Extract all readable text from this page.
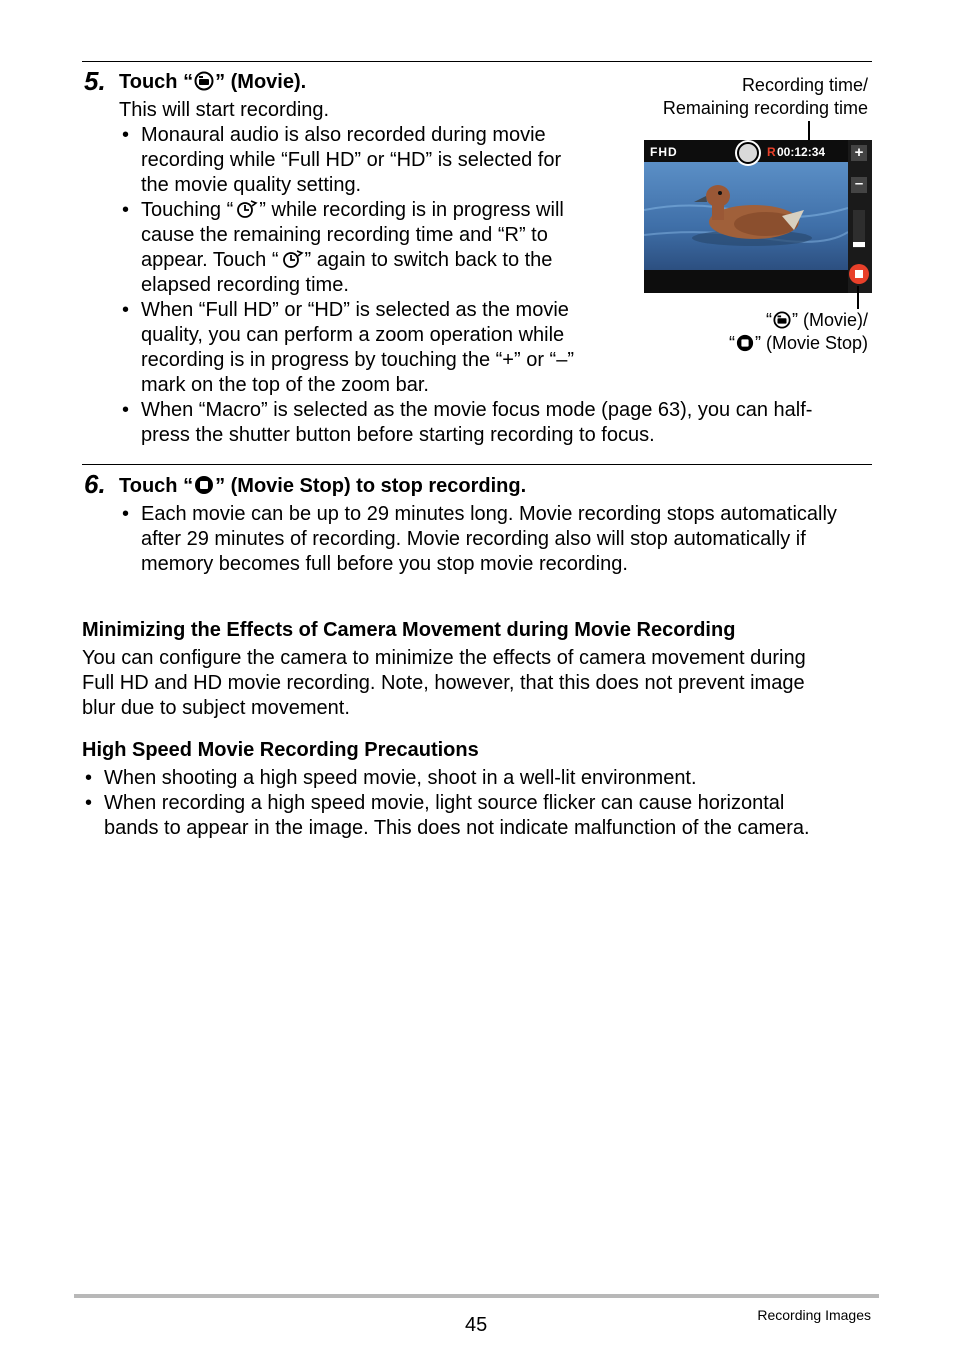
5. Touch “ ” (Movie).
This will start recording.
• Monaural audio is also recorded during movie
recording while “Full HD” or “HD” is selected for
the movie quality setting.
• Touching “ ” while recording is in progress will
cause the remaining recording time and “R” to
appear. Touch “ ” again to switch back to the
elapsed recording time.
• When “Full HD” or “HD” is selected as the movie
quality, you can perform a zoom operation while
recording is in progress by touching the “+” or “–”
mark on the top of the zoom bar.
• When “Macro” is selected as the movie focus mode (page 63), you can half-
press the shutter button before starting recording to focus.
Recording time/
Remaining recording time
FHD	R 00:12:34 +
–
“ ” (Movie)/
“ ” (Movie Stop)
6. Touch “ ” (Movie Stop) to stop recording.
• Each movie can be up to 29 minutes long. Movie recording stops automatically
after 29 minutes of recording. Movie recording also will stop automatically if
memory becomes full before you stop movie recording.
Minimizing the Effects of Camera Movement during Movie Recording
You can configure the camera to minimize the effects of camera movement during
Full HD and HD movie recording. Note, however, that this does not prevent image
blur due to subject movement.
High Speed Movie Recording Precautions
• When shooting a high speed movie, shoot in a well-lit environment.
• When recording a high speed movie, light source flicker can cause horizontal
bands to appear in the image. This does not indicate malfunction of the camera.
45	Recording Images
